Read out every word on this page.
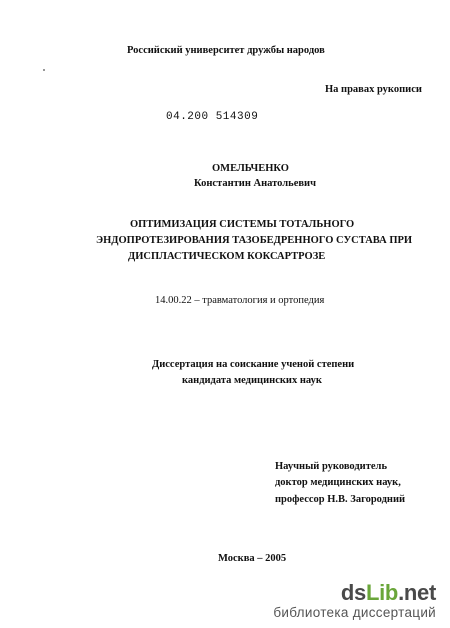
Российский университет дружбы народов
На правах рукописи
04.200 514309
ОМЕЛЬЧЕНКО
Константин Анатольевич
ОПТИМИЗАЦИЯ СИСТЕМЫ ТОТАЛЬНОГО
ЭНДОПРОТЕЗИРОВАНИЯ ТАЗОБЕДРЕННОГО СУСТАВА ПРИ
ДИСПЛАСТИЧЕСКОМ КОКСАРТРОЗЕ
14.00.22 – травматология и ортопедия
Диссертация на соискание ученой степени
кандидата медицинских наук
Научный руководитель
доктор медицинских наук,
профессор Н.В. Загородний
Москва – 2005
dsLib.net
библиотека диссертаций
